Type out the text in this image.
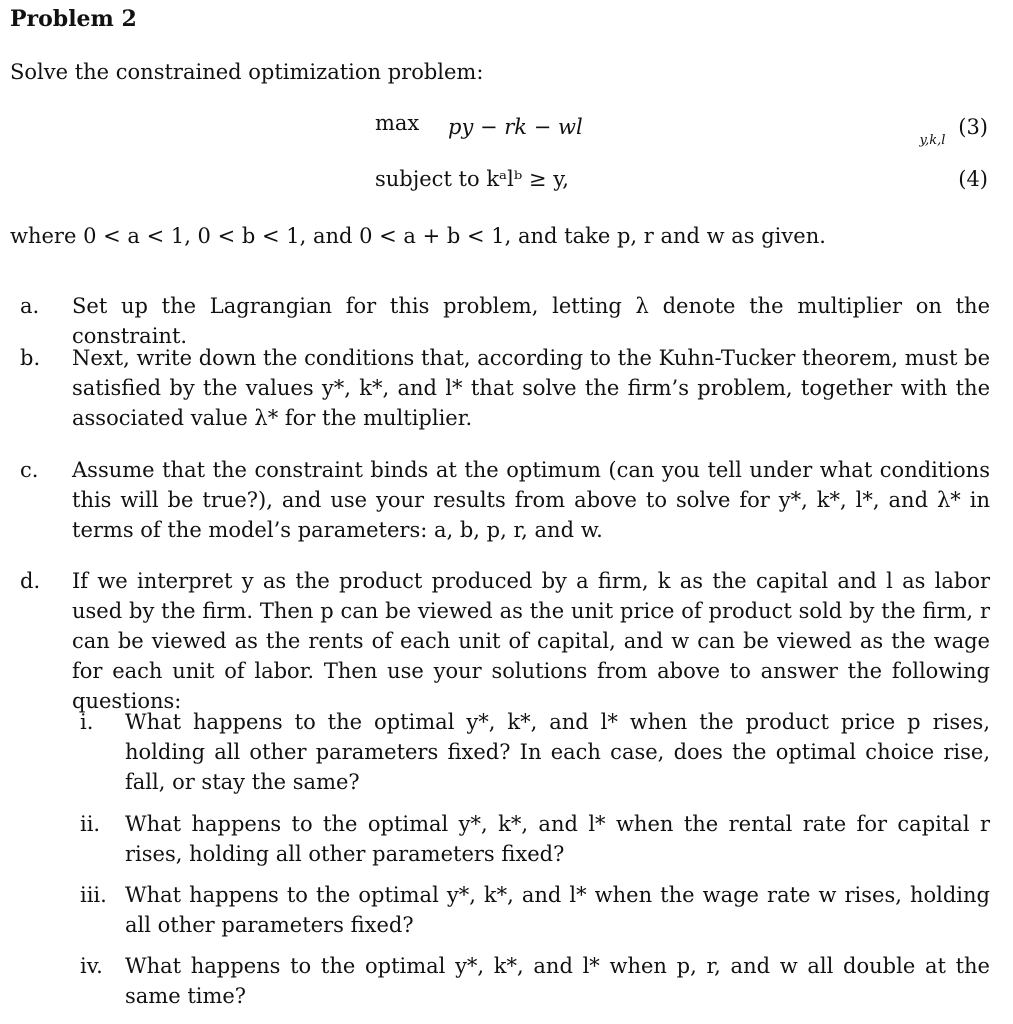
Problem 2
Solve the constrained optimization problem:
max
y,k,l
py − rk − wl	(3)
subject to kᵃlᵇ ≥ y,	(4)
where 0 < a < 1, 0 < b < 1, and 0 < a + b < 1, and take p, r and w as given.
a. Set up the Lagrangian for this problem, letting λ denote the multiplier on the constraint.
b. Next, write down the conditions that, according to the Kuhn-Tucker theorem, must be satisfied by the values y*, k*, and l* that solve the firm’s problem, together with the associated value λ* for the multiplier.
c. Assume that the constraint binds at the optimum (can you tell under what conditions this will be true?), and use your results from above to solve for y*, k*, l*, and λ* in terms of the model’s parameters: a, b, p, r, and w.
d. If we interpret y as the product produced by a firm, k as the capital and l as labor used by the firm. Then p can be viewed as the unit price of product sold by the firm, r can be viewed as the rents of each unit of capital, and w can be viewed as the wage for each unit of labor. Then use your solutions from above to answer the following questions:
i. What happens to the optimal y*, k*, and l* when the product price p rises, holding all other parameters fixed? In each case, does the optimal choice rise, fall, or stay the same?
ii. What happens to the optimal y*, k*, and l* when the rental rate for capital r rises, holding all other parameters fixed?
iii. What happens to the optimal y*, k*, and l* when the wage rate w rises, holding all other parameters fixed?
iv. What happens to the optimal y*, k*, and l* when p, r, and w all double at the same time?
